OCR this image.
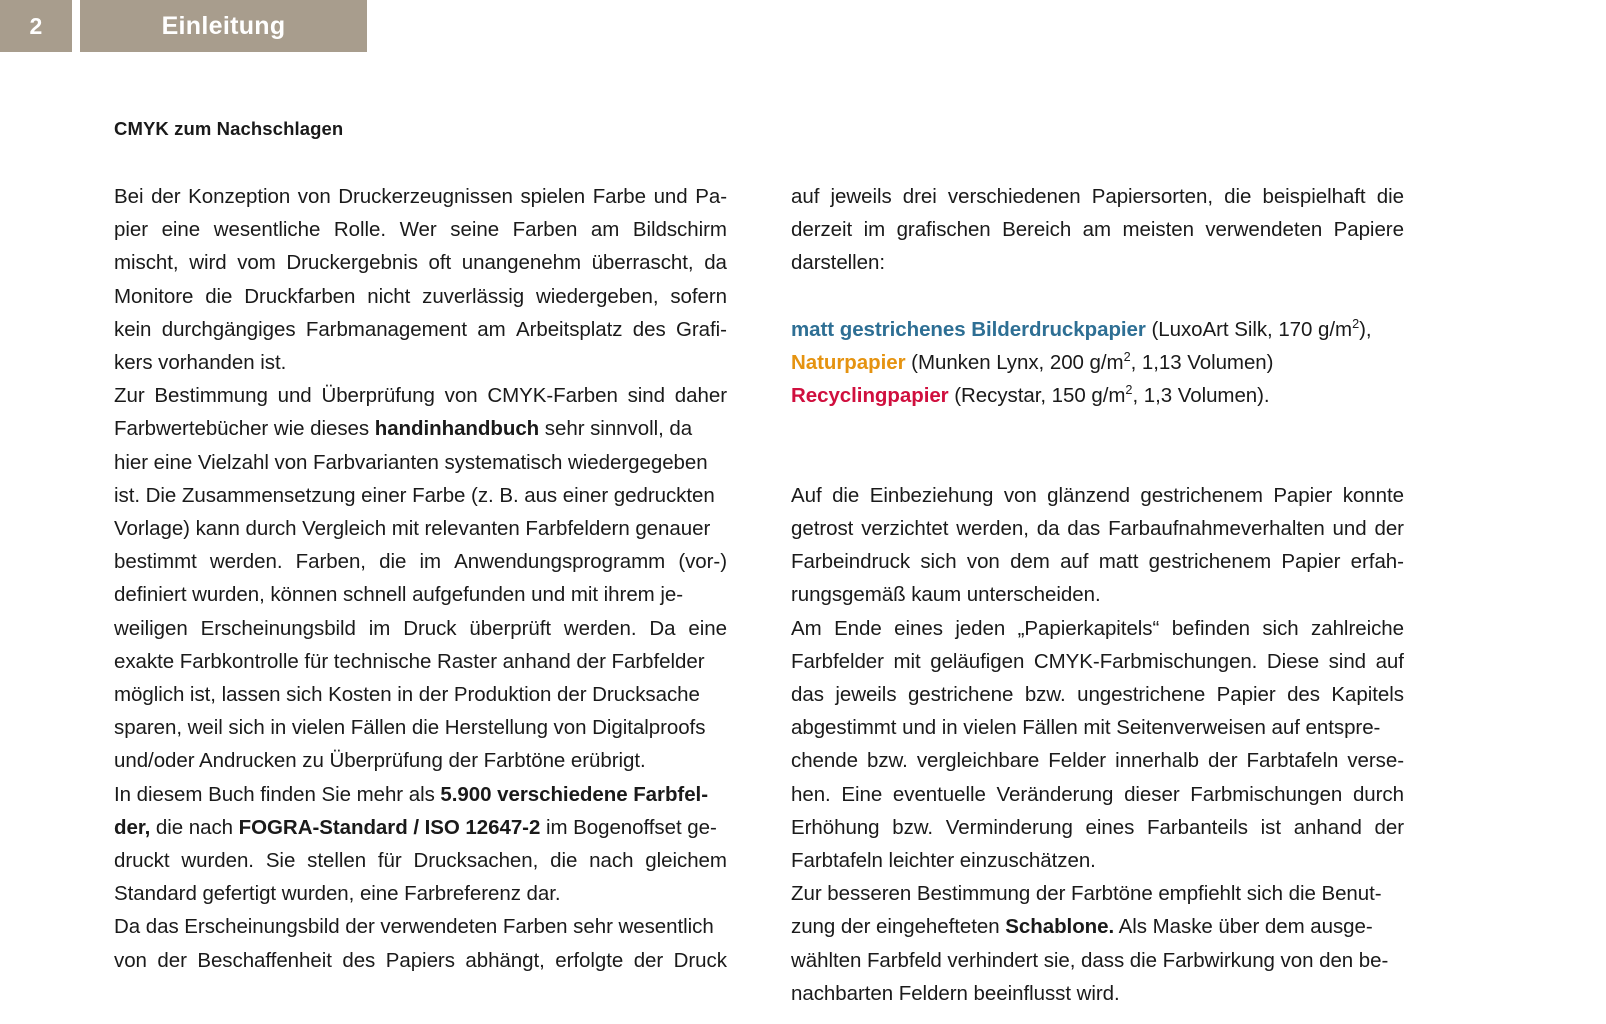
2	Einleitung
CMYK zum Nachschlagen
Bei der Konzeption von Druckerzeugnissen spielen Farbe und Pa-
pier eine wesentliche Rolle. Wer seine Farben am Bildschirm
mischt, wird vom Druckergebnis oft unangenehm überrascht, da
Monitore die Druckfarben nicht zuverlässig wiedergeben, sofern
kein durchgängiges Farbmanagement am Arbeitsplatz des Grafi-
kers vorhanden ist.
Zur Bestimmung und Überprüfung von CMYK-Farben sind daher
Farbwertebücher wie dieses handinhandbuch sehr sinnvoll, da
hier eine Vielzahl von Farbvarianten systematisch wiedergegeben
ist. Die Zusammensetzung einer Farbe (z. B. aus einer gedruckten
Vorlage) kann durch Vergleich mit relevanten Farbfeldern genauer
bestimmt werden. Farben, die im Anwendungsprogramm (vor-)
definiert wurden, können schnell aufgefunden und mit ihrem je-
weiligen Erscheinungsbild im Druck überprüft werden. Da eine
exakte Farbkontrolle für technische Raster anhand der Farbfelder
möglich ist, lassen sich Kosten in der Produktion der Drucksache
sparen, weil sich in vielen Fällen die Herstellung von Digitalproofs
und/oder Andrucken zu Überprüfung der Farbtöne erübrigt.
In diesem Buch finden Sie mehr als 5.900 verschiedene Farbfel-
der, die nach FOGRA-Standard / ISO 12647-2 im Bogenoffset ge-
druckt wurden. Sie stellen für Drucksachen, die nach gleichem
Standard gefertigt wurden, eine Farbreferenz dar.
Da das Erscheinungsbild der verwendeten Farben sehr wesentlich
von der Beschaffenheit des Papiers abhängt, erfolgte der Druck
auf jeweils drei verschiedenen Papiersorten, die beispielhaft die
derzeit im grafischen Bereich am meisten verwendeten Papiere
darstellen:
matt gestrichenes Bilderdruckpapier (LuxoArt Silk, 170 $g/m^2$),
Naturpapier (Munken Lynx, 200 $g/m^2$, 1,13 Volumen)
Recyclingpapier (Recystar, 150 $g/m^2$, 1,3 Volumen).
Auf die Einbeziehung von glänzend gestrichenem Papier konnte
getrost verzichtet werden, da das Farbaufnahmeverhalten und der
Farbeindruck sich von dem auf matt gestrichenem Papier erfah-
rungsgemäß kaum unterscheiden.
Am Ende eines jeden „Papierkapitels“ befinden sich zahlreiche
Farbfelder mit geläufigen CMYK-Farbmischungen. Diese sind auf
das jeweils gestrichene bzw. ungestrichene Papier des Kapitels
abgestimmt und in vielen Fällen mit Seitenverweisen auf entspre-
chende bzw. vergleichbare Felder innerhalb der Farbtafeln verse-
hen. Eine eventuelle Veränderung dieser Farbmischungen durch
Erhöhung bzw. Verminderung eines Farbanteils ist anhand der
Farbtafeln leichter einzuschätzen.
Zur besseren Bestimmung der Farbtöne empfiehlt sich die Benut-
zung der eingehefteten Schablone. Als Maske über dem ausge-
wählten Farbfeld verhindert sie, dass die Farbwirkung von den be-
nachbarten Feldern beeinflusst wird.
